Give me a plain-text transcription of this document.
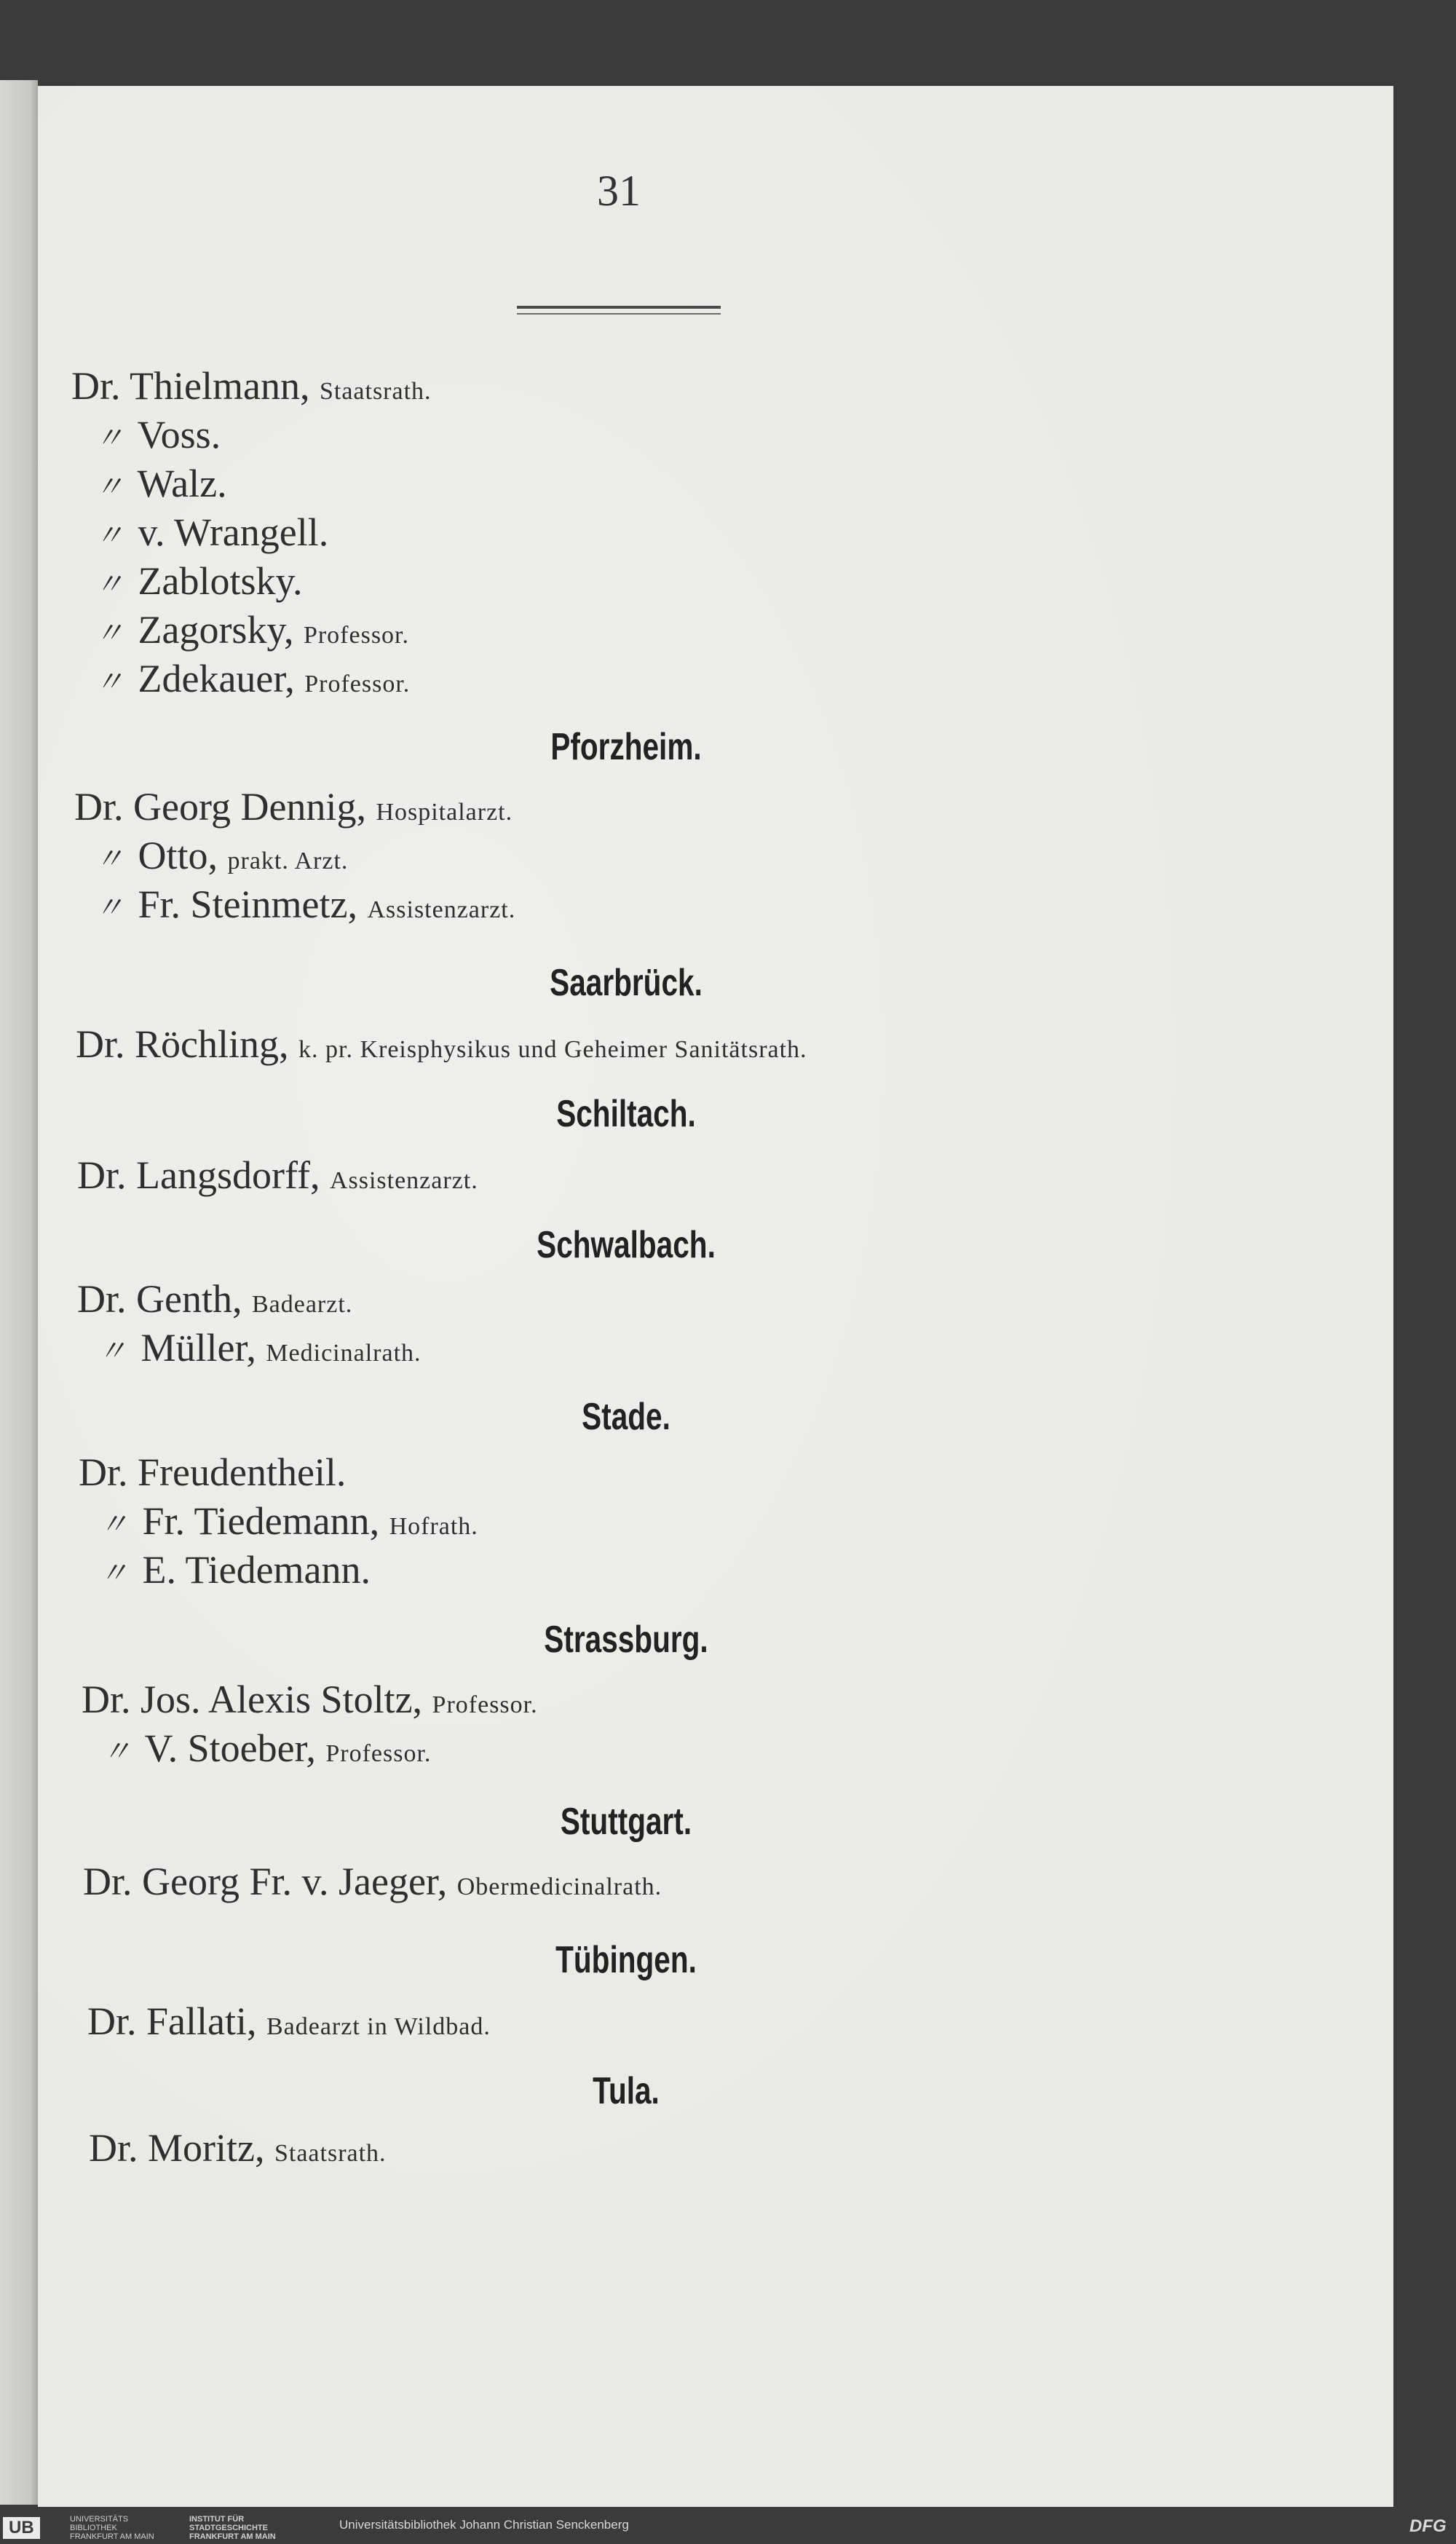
31
Dr. Thielmann, Staatsrath.
〃 Voss.
〃 Walz.
〃 v. Wrangell.
〃 Zablotsky.
〃 Zagorsky, Professor.
〃 Zdekauer, Professor.
Pforzheim.
Dr. Georg Dennig, Hospitalarzt.
〃 Otto, prakt. Arzt.
〃 Fr. Steinmetz, Assistenzarzt.
Saarbrück.
Dr. Röchling, k. pr. Kreisphysikus und Geheimer Sanitätsrath.
Schiltach.
Dr. Langsdorff, Assistenzarzt.
Schwalbach.
Dr. Genth, Badearzt.
〃 Müller, Medicinalrath.
Stade.
Dr. Freudentheil.
〃 Fr. Tiedemann, Hofrath.
〃 E. Tiedemann.
Strassburg.
Dr. Jos. Alexis Stoltz, Professor.
〃 V. Stoeber, Professor.
Stuttgart.
Dr. Georg Fr. v. Jaeger, Obermedicinalrath.
Tübingen.
Dr. Fallati, Badearzt in Wildbad.
Tula.
Dr. Moritz, Staatsrath.
UB	UNIVERSITÄTS BIBLIOTHEK FRANKFURT AM MAIN
INSTITUT FÜR STADTGESCHICHTE FRANKFURT AM MAIN
Universitätsbibliothek Johann Christian Senckenberg	DFG
